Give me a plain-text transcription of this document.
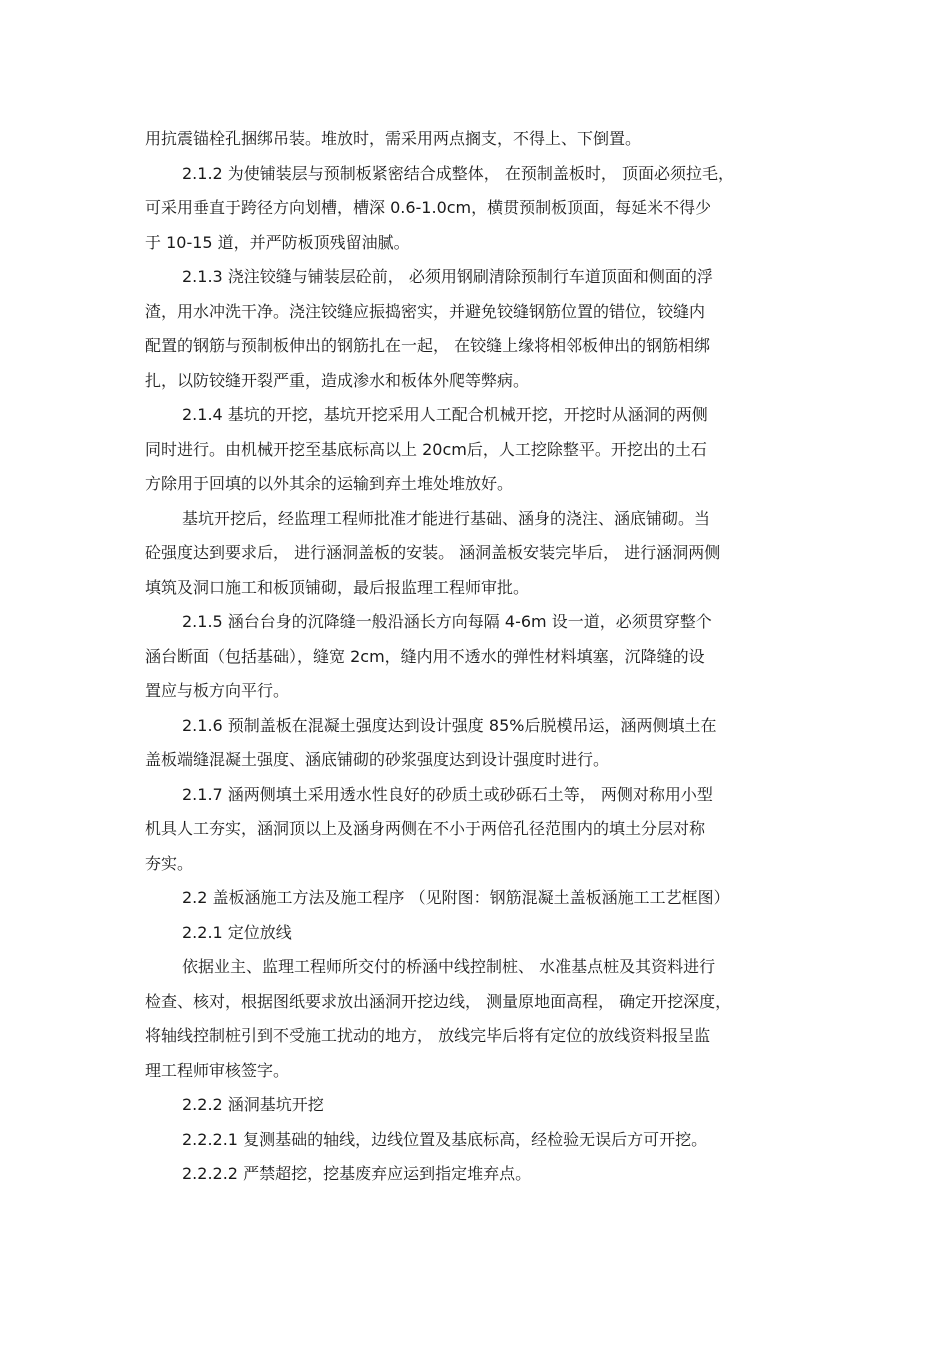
用抗震锚栓孔捆绑吊装。堆放时，需采用两点搁支，不得上、下倒置。
2.1.2 为使铺装层与预制板紧密结合成整体， 在预制盖板时， 顶面必须拉毛，
可采用垂直于跨径方向划槽，槽深 0.6-1.0cm，横贯预制板顶面，每延米不得少
于 10-15 道，并严防板顶残留油腻。
2.1.3 浇注铰缝与铺装层砼前， 必须用钢刷清除预制行车道顶面和侧面的浮
渣，用水冲洗干净。浇注铰缝应振捣密实，并避免铰缝钢筋位置的错位，铰缝内
配置的钢筋与预制板伸出的钢筋扎在一起， 在铰缝上缘将相邻板伸出的钢筋相绑
扎，以防铰缝开裂严重，造成渗水和板体外爬等弊病。
2.1.4 基坑的开挖，基坑开挖采用人工配合机械开挖，开挖时从涵洞的两侧
同时进行。由机械开挖至基底标高以上 20cm后，人工挖除整平。开挖出的土石
方除用于回填的以外其余的运输到弃土堆处堆放好。
基坑开挖后，经监理工程师批准才能进行基础、涵身的浇注、涵底铺砌。当
砼强度达到要求后， 进行涵洞盖板的安装。 涵洞盖板安装完毕后， 进行涵洞两侧
填筑及洞口施工和板顶铺砌，最后报监理工程师审批。
2.1.5 涵台台身的沉降缝一般沿涵长方向每隔 4-6m 设一道，必须贯穿整个
涵台断面（包括基础），缝宽 2cm，缝内用不透水的弹性材料填塞，沉降缝的设
置应与板方向平行。
2.1.6 预制盖板在混凝土强度达到设计强度 85%后脱模吊运，涵两侧填土在
盖板端缝混凝土强度、涵底铺砌的砂浆强度达到设计强度时进行。
2.1.7 涵两侧填土采用透水性良好的砂质土或砂砾石土等， 两侧对称用小型
机具人工夯实，涵洞顶以上及涵身两侧在不小于两倍孔径范围内的填土分层对称
夯实。
2.2 盖板涵施工方法及施工程序 （见附图：钢筋混凝土盖板涵施工工艺框图）
2.2.1 定位放线
依据业主、监理工程师所交付的桥涵中线控制桩、 水准基点桩及其资料进行
检查、核对，根据图纸要求放出涵洞开挖边线， 测量原地面高程， 确定开挖深度，
将轴线控制桩引到不受施工扰动的地方， 放线完毕后将有定位的放线资料报呈监
理工程师审核签字。
2.2.2 涵洞基坑开挖
2.2.2.1 复测基础的轴线，边线位置及基底标高，经检验无误后方可开挖。
2.2.2.2 严禁超挖，挖基废弃应运到指定堆弃点。
